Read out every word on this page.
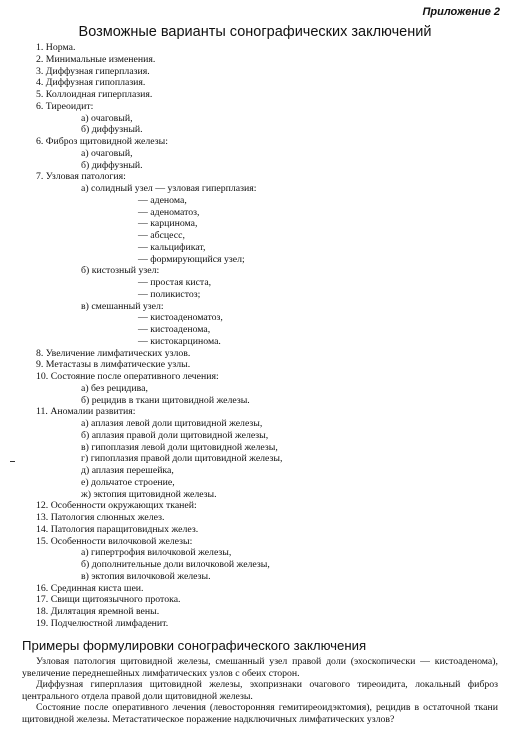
Приложение 2
Возможные варианты сонографических заключений
1. Норма.
2. Минимальные изменения.
3. Диффузная гиперплазия.
4. Диффузная гипоплазия.
5. Коллоидная гиперплазия.
6. Тиреоидит:
а) очаговый,
б) диффузный.
6. Фиброз щитовидной железы:
а) очаговый,
б) диффузный.
7. Узловая патология:
а) солидный узел — узловая гиперплазия:
— аденома,
— аденоматоз,
— карцинома,
— абсцесс,
— кальцификат,
— формирующийся узел;
б) кистозный узел:
— простая киста,
— поликистоз;
в) смешанный узел:
— кистоаденоматоз,
— кистоаденома,
— кистокарцинома.
8. Увеличение лимфатических узлов.
9. Метастазы в лимфатические узлы.
10. Состояние после оперативного лечения:
а) без рецидива,
б) рецидив в ткани щитовидной железы.
11. Аномалии развития:
а) аплазия левой доли щитовидной железы,
б) аплазия правой доли щитовидной железы,
в) гипоплазия левой доли щитовидной железы,
г) гипоплазия правой доли щитовидной железы,
д) аплазия перешейка,
е) дольчатое строение,
ж) эктопия щитовидной железы.
12. Особенности окружающих тканей:
13. Патология слюнных желез.
14. Патология паращитовидных желез.
15. Особенности вилочковой железы:
а) гипертрофия вилочковой железы,
б) дополнительные доли вилочковой железы,
в) эктопия вилочковой железы.
16. Срединная киста шеи.
17. Свищи щитоязычного протока.
18. Дилятация яремной вены.
19. Подчелюстной лимфаденит.
Примеры формулировки сонографического заключения

Узловая патология щитовидной железы, смешанный узел правой доли (эхоскопически — кистоаденома), увеличение переднешейных лимфатических узлов с обеих сторон.

Диффузная гиперплазия щитовидной железы, эхопризнаки очагового тиреоидита, локальный фиброз центрального отдела правой доли щитовидной железы.

Состояние после оперативного лечения (левосторонняя гемитиреоидэктомия), рецидив в остаточной ткани щитовидной железы. Метастатическое поражение надключичных лимфатических узлов?
